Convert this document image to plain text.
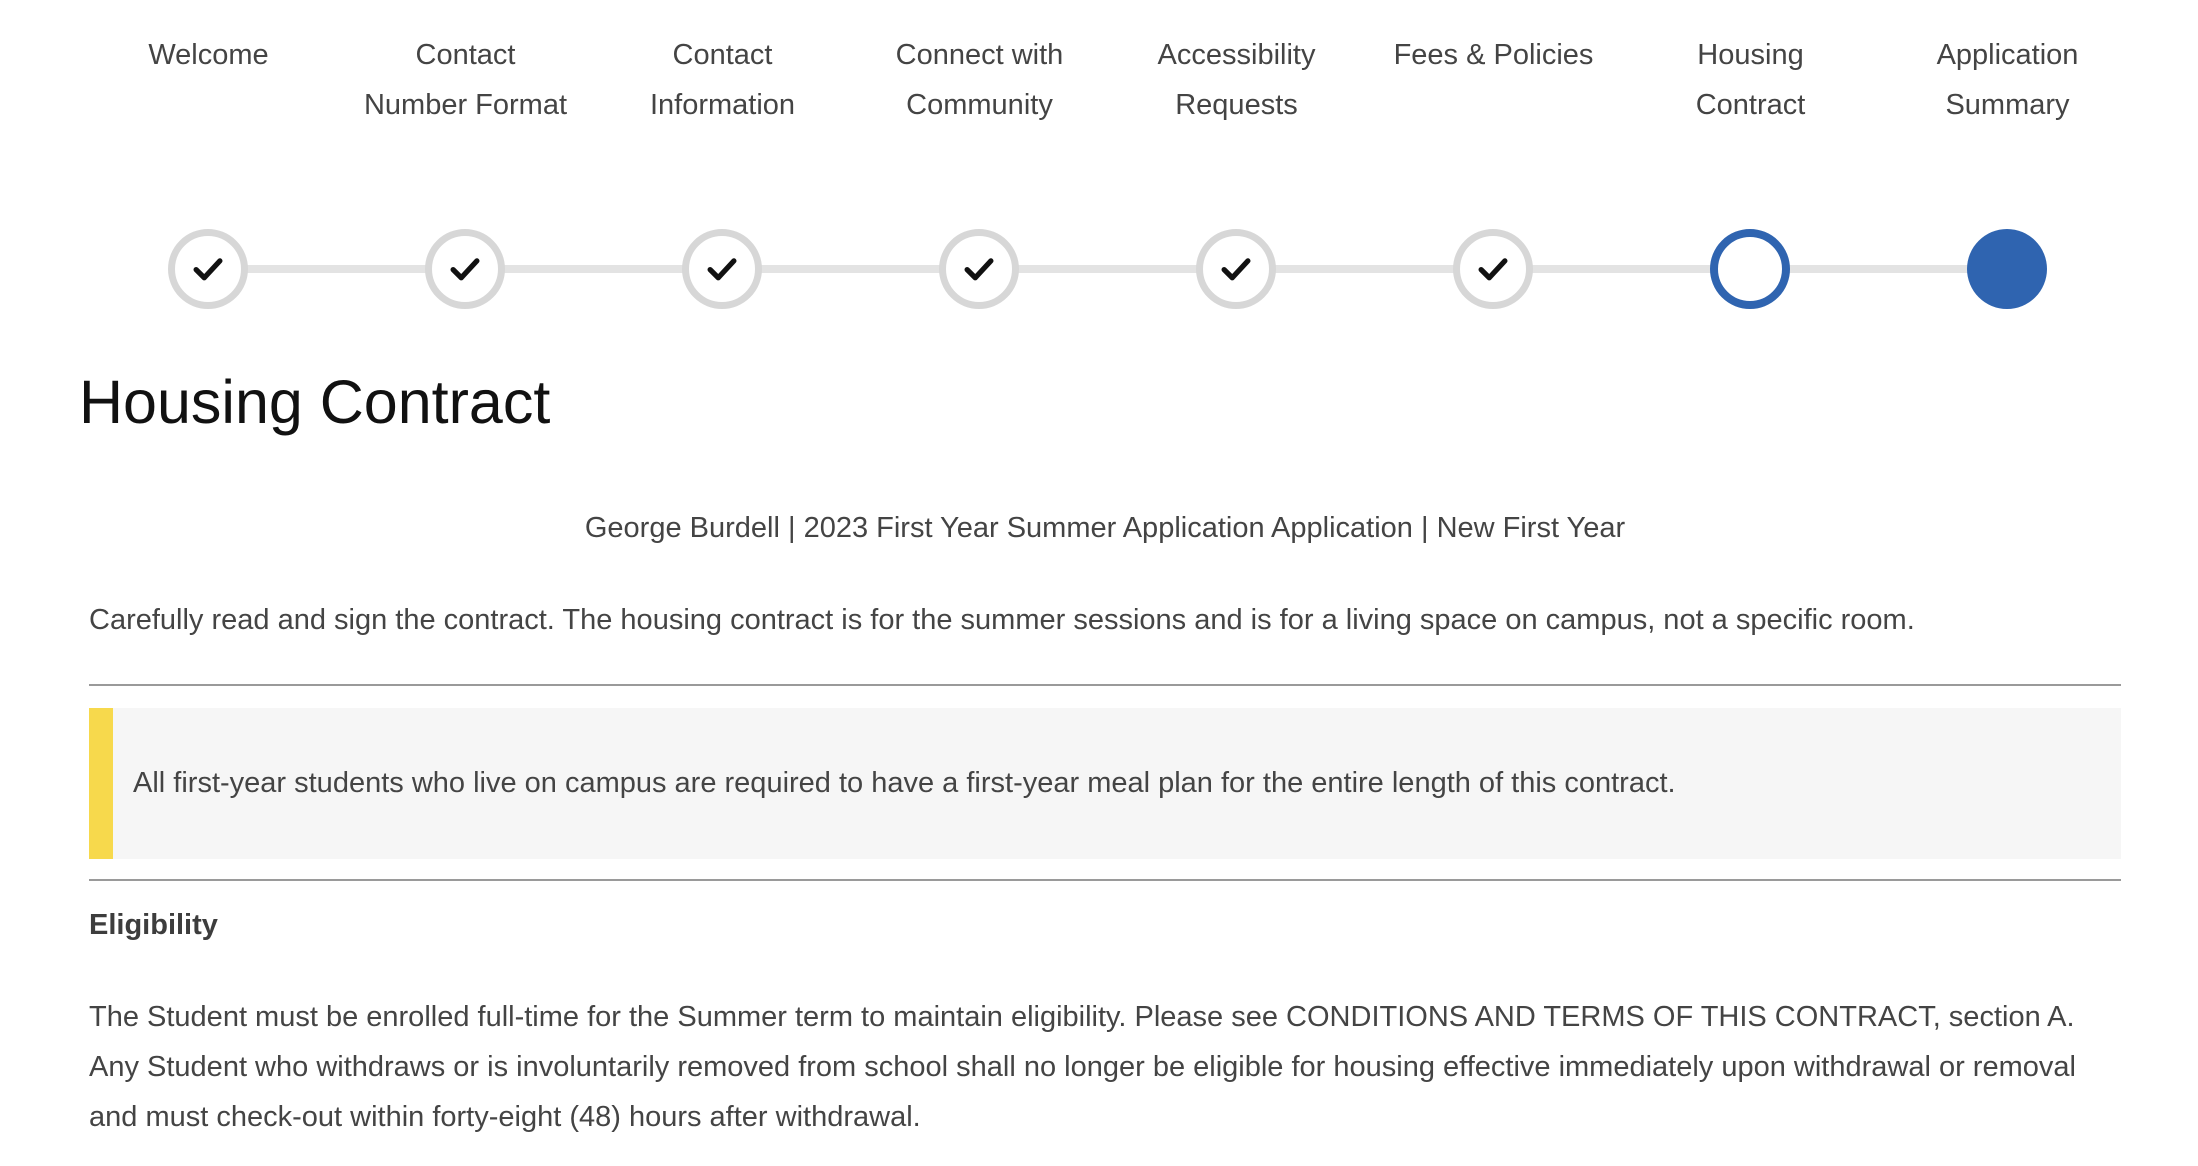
Welcome	Contact
Number Format
Contact
Information
Connect with
Community
Accessibility
Requests
Fees & Policies	Housing
Contract
Application
Summary
Housing Contract
George Burdell | 2023 First Year Summer Application Application | New First Year

Carefully read and sign the contract. The housing contract is for the summer sessions and is for a living space on campus, not a specific room.

All first-year students who live on campus are required to have a first-year meal plan for the entire length of this contract.

Eligibility

The Student must be enrolled full-time for the Summer term to maintain eligibility. Please see CONDITIONS AND TERMS OF THIS CONTRACT, section A. Any Student who withdraws or is involuntarily removed from school shall no longer be eligible for housing effective immediately upon withdrawal or removal and must check-out within forty-eight (48) hours after withdrawal.
